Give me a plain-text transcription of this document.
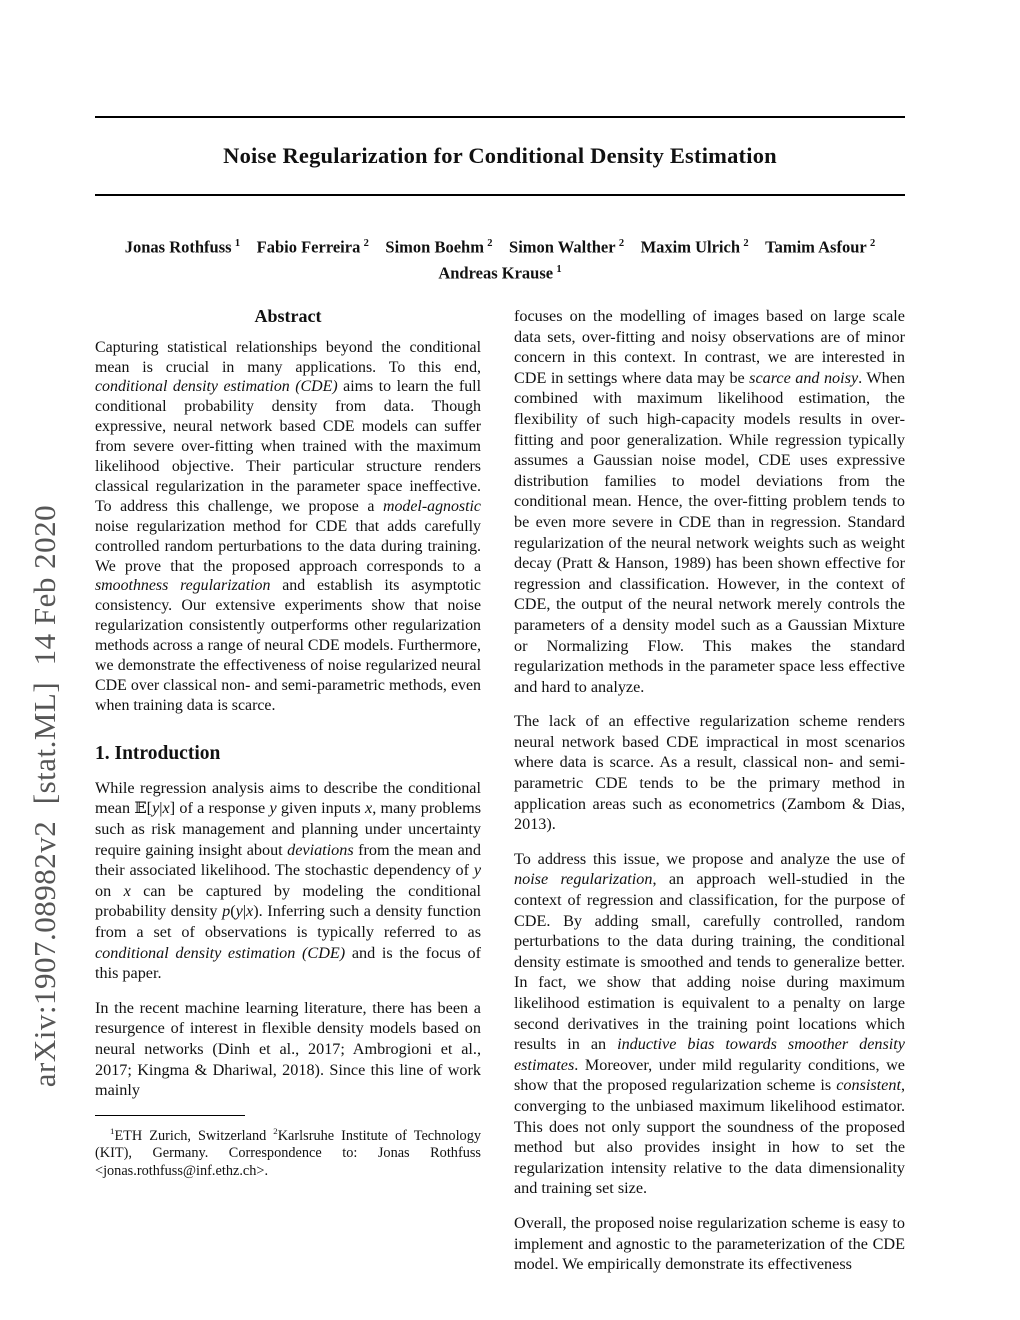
arXiv:1907.08982v2  [stat.ML]  14 Feb 2020
Noise Regularization for Conditional Density Estimation
Jonas Rothfuss $^1$ Fabio Ferreira $^2$ Simon Boehm $^2$ Simon Walther $^2$ Maxim Ulrich $^2$ Tamim Asfour $^2$
Andreas Krause $^1$
Abstract

Capturing statistical relationships beyond the conditional mean is crucial in many applications. To this end, conditional density estimation (CDE) aims to learn the full conditional probability density from data. Though expressive, neural network based CDE models can suffer from severe over-fitting when trained with the maximum likelihood objective. Their particular structure renders classical regularization in the parameter space ineffective. To address this challenge, we propose a model-agnostic noise regularization method for CDE that adds carefully controlled random perturbations to the data during training. We prove that the proposed approach corresponds to a smoothness regularization and establish its asymptotic consistency. Our extensive experiments show that noise regularization consistently outperforms other regularization methods across a range of neural CDE models. Furthermore, we demonstrate the effectiveness of noise regularized neural CDE over classical non- and semi-parametric methods, even when training data is scarce.

1. Introduction

While regression analysis aims to describe the conditional mean 𝔼[y|x] of a response y given inputs x, many problems such as risk management and planning under uncertainty require gaining insight about deviations from the mean and their associated likelihood. The stochastic dependency of y on x can be captured by modeling the conditional probability density p(y|x). Inferring such a density function from a set of observations is typically referred to as conditional density estimation (CDE) and is the focus of this paper.

In the recent machine learning literature, there has been a resurgence of interest in flexible density models based on neural networks (Dinh et al., 2017; Ambrogioni et al., 2017; Kingma & Dhariwal, 2018). Since this line of work mainly

$^1$ETH Zurich, Switzerland $^2$Karlsruhe Institute of Technology (KIT), Germany. Correspondence to: Jonas Rothfuss <jonas.rothfuss@inf.ethz.ch>.

focuses on the modelling of images based on large scale data sets, over-fitting and noisy observations are of minor concern in this context. In contrast, we are interested in CDE in settings where data may be scarce and noisy. When combined with maximum likelihood estimation, the flexibility of such high-capacity models results in over-fitting and poor generalization. While regression typically assumes a Gaussian noise model, CDE uses expressive distribution families to model deviations from the conditional mean. Hence, the over-fitting problem tends to be even more severe in CDE than in regression. Standard regularization of the neural network weights such as weight decay (Pratt & Hanson, 1989) has been shown effective for regression and classification. However, in the context of CDE, the output of the neural network merely controls the parameters of a density model such as a Gaussian Mixture or Normalizing Flow. This makes the standard regularization methods in the parameter space less effective and hard to analyze.

The lack of an effective regularization scheme renders neural network based CDE impractical in most scenarios where data is scarce. As a result, classical non- and semi-parametric CDE tends to be the primary method in application areas such as econometrics (Zambom & Dias, 2013).

To address this issue, we propose and analyze the use of noise regularization, an approach well-studied in the context of regression and classification, for the purpose of CDE. By adding small, carefully controlled, random perturbations to the data during training, the conditional density estimate is smoothed and tends to generalize better. In fact, we show that adding noise during maximum likelihood estimation is equivalent to a penalty on large second derivatives in the training point locations which results in an inductive bias towards smoother density estimates. Moreover, under mild regularity conditions, we show that the proposed regularization scheme is consistent, converging to the unbiased maximum likelihood estimator. This does not only support the soundness of the proposed method but also provides insight in how to set the regularization intensity relative to the data dimensionality and training set size.

Overall, the proposed noise regularization scheme is easy to implement and agnostic to the parameterization of the CDE model. We empirically demonstrate its effectiveness
